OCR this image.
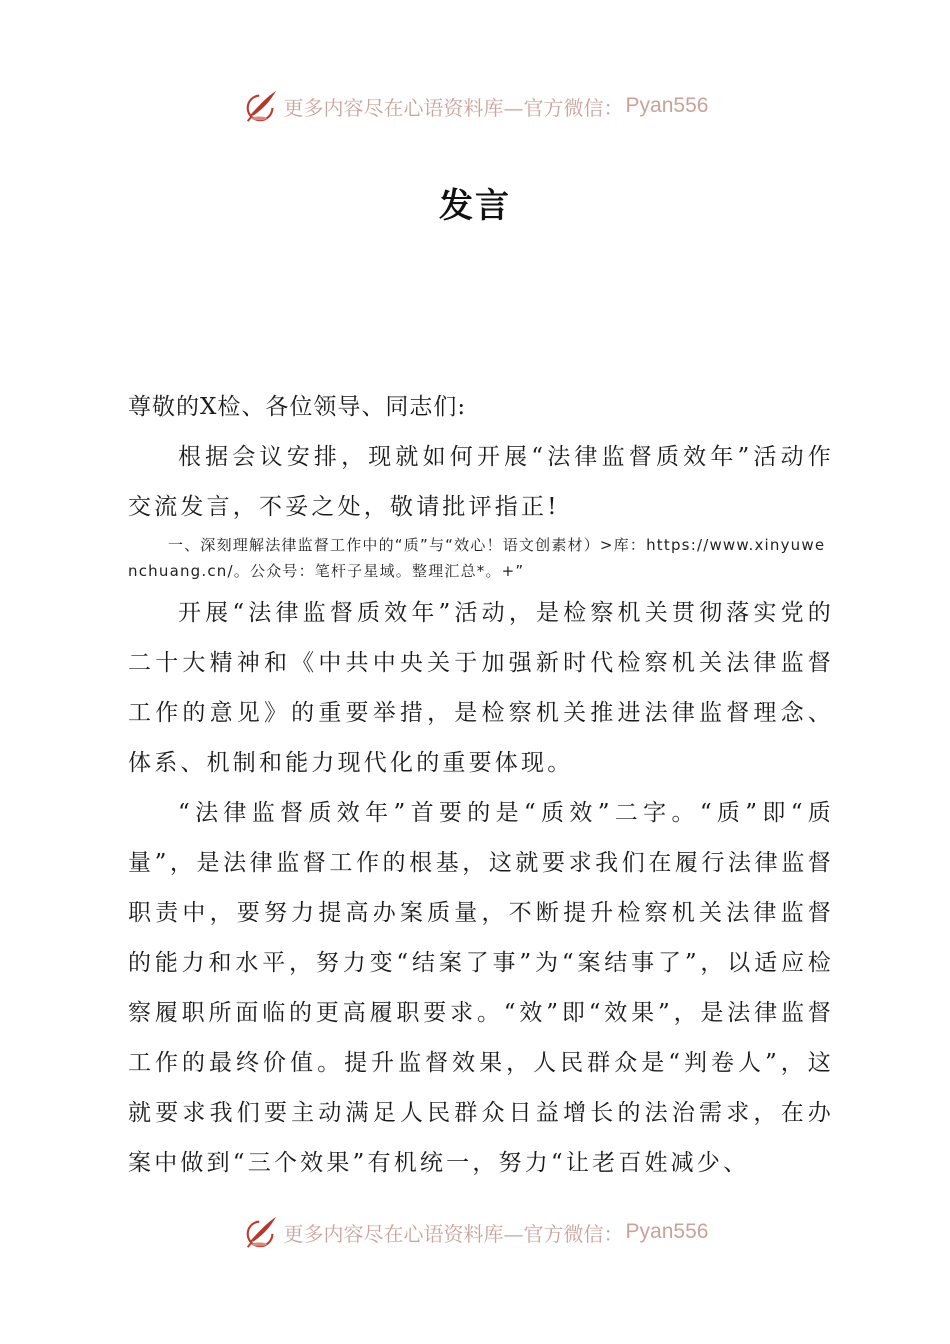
更多内容尽在心语资料库—官方微信： Pyan556
发言

尊敬的X检、各位领导、同志们:

根据会议安排，现就如何开展“法律监督质效年”活动作交流发言，不妥之处，敬请批评指正!

一、深刻理解法律监督工作中的“质”与“效心！语文创素材）>库：https://www.xinyuwenchuang.cn/。公众号：笔杆子星域。整理汇总*。+”

开展“法律监督质效年”活动，是检察机关贯彻落实党的二十大精神和《中共中央关于加强新时代检察机关法律监督工作的意见》的重要举措，是检察机关推进法律监督理念、体系、机制和能力现代化的重要体现。

“法律监督质效年”首要的是“质效”二字。“质”即“质量”，是法律监督工作的根基，这就要求我们在履行法律监督职责中，要努力提高办案质量，不断提升检察机关法律监督的能力和水平，努力变“结案了事”为“案结事了”，以适应检察履职所面临的更高履职要求。“效”即“效果”，是法律监督工作的最终价值。提升监督效果，人民群众是“判卷人”，这就要求我们要主动满足人民群众日益增长的法治需求，在办案中做到“三个效果”有机统一，努力“让老百姓减少、

更多内容尽在心语资料库—官方微信： Pyan556
